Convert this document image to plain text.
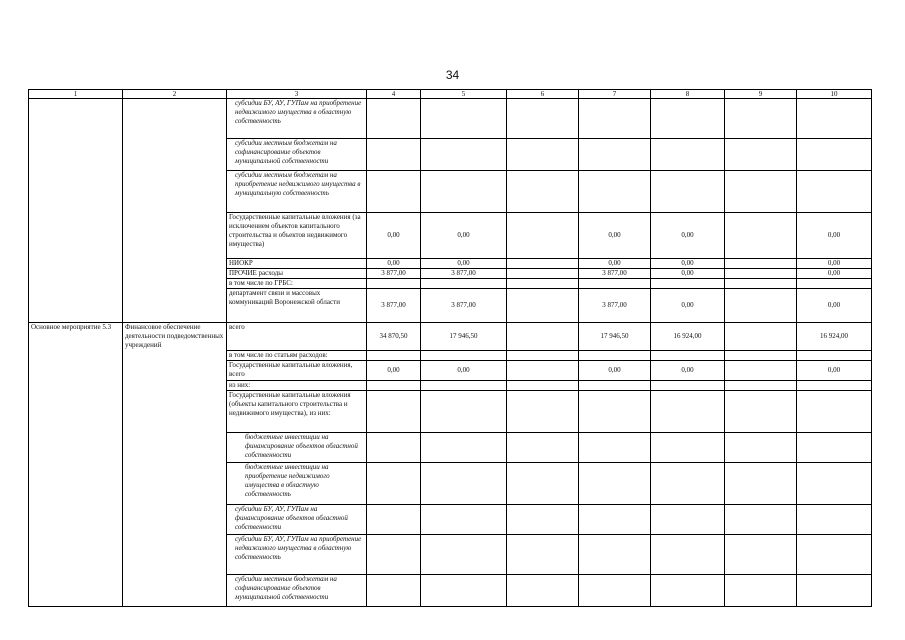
34
1	2	3	4	5	6	7	8	9	10
		субсидии БУ, АУ, ГУПам на приобретение недвижимого имущества в областную собственность							
		субсидии местным бюджетам на софинансирование объектов муниципальной собственности							
		субсидии местным бюджетам на приобретение недвижимого имущества в муниципальную собственность							
		Государственные капитальные вложения (за исключением объектов капитального строительства и объектов недвижимого имущества)	0,00	0,00		0,00	0,00		0,00
		НИОКР	0,00	0,00		0,00	0,00		0,00
		ПРОЧИЕ расходы	3 877,00	3 877,00		3 877,00	0,00		0,00
		в том числе по ГРБС:							
		департамент связи и массовых коммуникаций Воронежской области	3 877,00	3 877,00		3 877,00	0,00		0,00
Основное мероприятие 5.3	Финансовое обеспечение деятельности подведомственных учреждений	всего	34 870,50	17 946,50		17 946,50	16 924,00		16 924,00
		в том числе по статьям расходов:							
		Государственные капитальные вложения, всего	0,00	0,00		0,00	0,00		0,00
		из них:							
		Государственные капитальные вложения (объекты капитального строительства и недвижимого имущества), из них:							
		бюджетные инвестиции на финансирование объектов областной собственности							
		бюджетные инвестиции на приобретение недвижимого имущества в областную собственность							
		субсидии БУ, АУ, ГУПам на финансирование объектов областной собственности							
		субсидии БУ, АУ, ГУПам на приобретение недвижимого имущества в областную собственность							
		субсидии местным бюджетам на софинансирование объектов муниципальной собственности							
